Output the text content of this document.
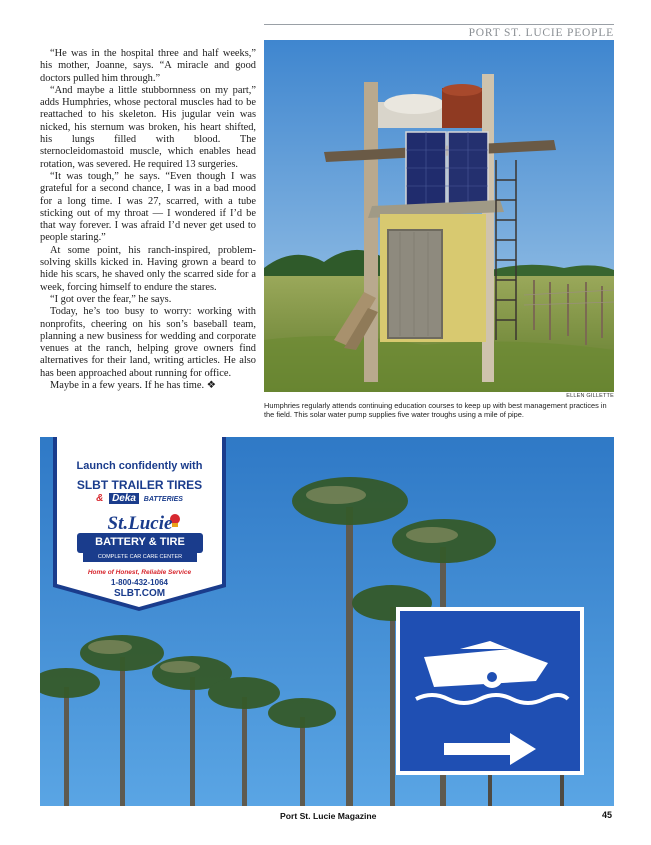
PORT ST. LUCIE PEOPLE

“He was in the hospital three and half weeks,” his mother, Joanne, says. “A miracle and good doctors pulled him through.”

“And maybe a little stubbornness on my part,” adds Humphries, whose pectoral muscles had to be reattached to his skeleton. His jugular vein was nicked, his sternum was broken, his heart shifted, his lungs filled with blood. The sternocleidomastoid muscle, which enables head rotation, was severed. He required 13 surgeries.

“It was tough,” he says. “Even though I was grateful for a second chance, I was in a bad mood for a long time. I was 27, scarred, with a tube sticking out of my throat — I wondered if I’d be that way forever. I was afraid I’d never get used to people staring.”

At some point, his ranch-inspired, problem-solving skills kicked in. Having grown a beard to hide his scars, he shaved only the scarred side for a week, forcing himself to endure the stares.

“I got over the fear,” he says.

Today, he’s too busy to worry: working with nonprofits, cheering on his son’s baseball team, planning a new business for wedding and corporate venues at the ranch, helping grove owners find alternatives for their land, writing articles. He also has been approached about running for office.

Maybe in a few years. If he has time. ❖

ELLEN GILLETTE
Humphries regularly attends continuing education courses to keep up with best management practices in the field. This solar water pump supplies five water troughs using a mile of pipe.
Launch confidently with
SLBT TRAILER TIRES
& Deka BATTERIES
St.Lucie
BATTERY & TIRE
COMPLETE CAR CARE CENTER
Home of Honest, Reliable Service
1-800-432-1064
SLBT.COM
Port St. Lucie Magazine	45
